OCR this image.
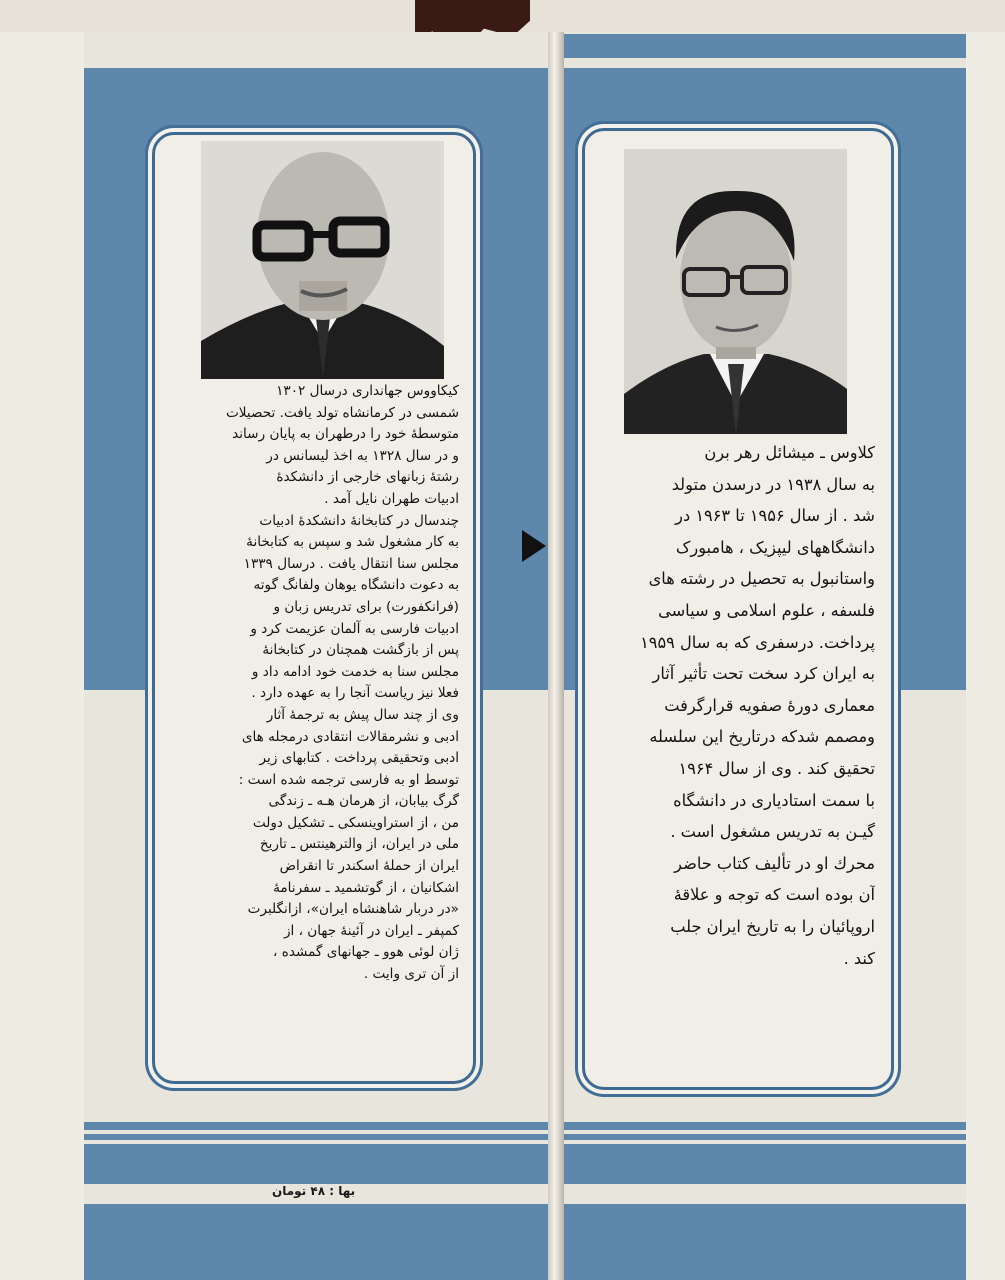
کیکاووس جهانداری درسال ۱۳۰۲
شمسی در کرمانشاه تولد یافت. تحصیلات
متوسطهٔ خود را درطهران به پایان رساند
و در سال ۱۳۲۸ به اخذ لیسانس در
رشتهٔ زبانهای خارجی از دانشکدهٔ
ادبیات طهران نایل آمد .
چندسال در کتابخانهٔ دانشکدهٔ ادبیات
به کار مشغول شد و سپس به کتابخانهٔ
مجلس سنا انتقال یافت . درسال ۱۳۳۹
به دعوت دانشگاه یوهان ولفانگ گوته
(فرانکفورت) برای تدریس زبان و
ادبیات فارسی به آلمان عزیمت کرد و
پس از بازگشت همچنان در کتابخانهٔ
مجلس سنا به خدمت خود ادامه داد و
فعلا نیز ریاست آنجا را به عهده دارد .
وی از چند سال پیش به ترجمهٔ آثار
ادبی و نشرمقالات انتقادی درمجله های
ادبی وتحقیقی پرداخت . کتابهای زیر
توسط او به فارسی ترجمه شده است :
گرگ بیابان، از هرمان هـه ـ زندگی
من ، از استراوینسکی ـ تشکیل دولت
ملی در ایران، از والترهینتس ـ تاریخ
ایران از حملهٔ اسکندر تا انقراض
اشکانیان ، از گوتشمید ـ سفرنامهٔ
«در دربار شاهنشاه ایران»، ازانگلبرت
کمپفر ـ ایران در آئینهٔ جهان ، از
ژان لوئی هوو ـ جهانهای گمشده ،
از آن تری وایت .
کلاوس ـ میشائل رهر برن
به سال ۱۹۳۸ در درسدن متولد
شد . از سال ۱۹۵۶ تا ۱۹۶۳ در
دانشگاههای لیپزیک ، هامبورک
واستانبول به تحصیل در رشته های
فلسفه ، علوم اسلامی و سیاسی
پرداخت. درسفری که به سال ۱۹۵۹
به ایران کرد سخت تحت تأثیر آثار
معماری دورهٔ صفویه قرارگرفت
ومصمم شدکه درتاریخ این سلسله
تحقیق کند . وی از سال ۱۹۶۴
با سمت استادیاری در دانشگاه
گیـن به تدریس مشغول است .
محرك او در تألیف کتاب حاضر
آن بوده است که توجه و علاقهٔ
اروپائیان را به تاریخ ایران جلب
کند .
بها : ۴۸ تومان
